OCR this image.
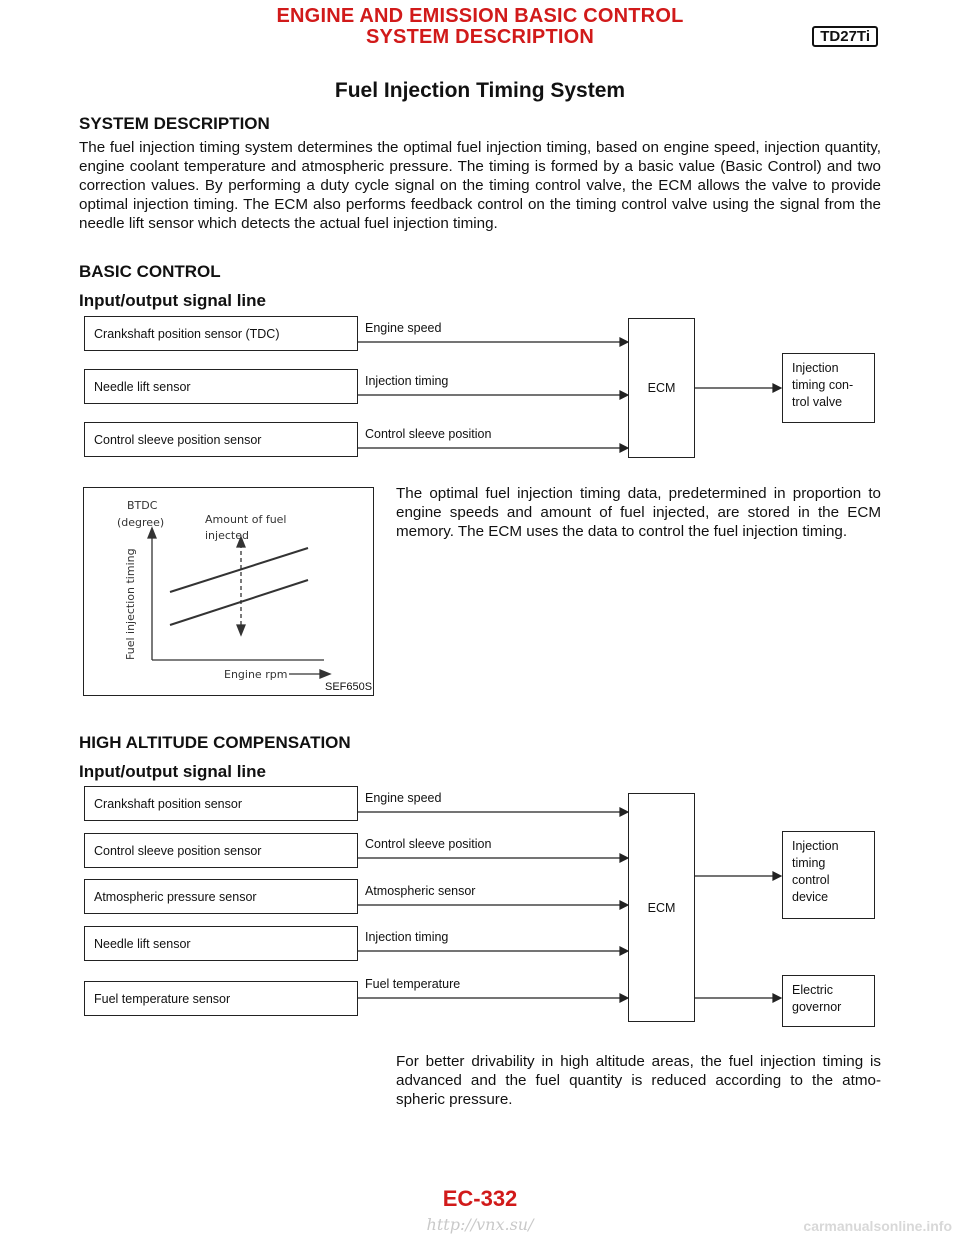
ENGINE AND EMISSION BASIC CONTROL
SYSTEM DESCRIPTION	TD27Ti
Fuel Injection Timing System
SYSTEM DESCRIPTION
The fuel injection timing system determines the optimal fuel injection timing, based on engine speed, injection quantity, engine coolant temperature and atmospheric pressure. The timing is formed by a basic value (Basic Control) and two correction values. By performing a duty cycle signal on the timing control valve, the ECM allows the valve to provide optimal injection timing. The ECM also performs feedback control on the timing control valve using the signal from the needle lift sensor which detects the actual fuel injection timing.
BASIC CONTROL
Input/output signal line
Crankshaft position sensor (TDC)
Needle lift sensor
Control sleeve position sensor
Engine speed
Injection timing
Control sleeve position
ECM
Injection
timing con-
trol valve
BTDC
(degree)	Amount of fuel
injected
Engine rpm
Fuel injection timing
SEF650S
The optimal fuel injection timing data, predetermined in proportion to engine speeds and amount of fuel injected, are stored in the ECM memory. The ECM uses the data to control the fuel injection timing.
HIGH ALTITUDE COMPENSATION
Input/output signal line
Crankshaft position sensor
Control sleeve position sensor
Atmospheric pressure sensor
Needle lift sensor
Fuel temperature sensor
Engine speed
Control sleeve position
Atmospheric sensor
Injection timing
Fuel temperature
ECM
Injection
timing
control
device
Electric
governor
For better drivability in high altitude areas, the fuel injection timing is advanced and the fuel quantity is reduced according to the atmo-spheric pressure.
EC-332
http://vnx.su/	carmanualsonline.info
